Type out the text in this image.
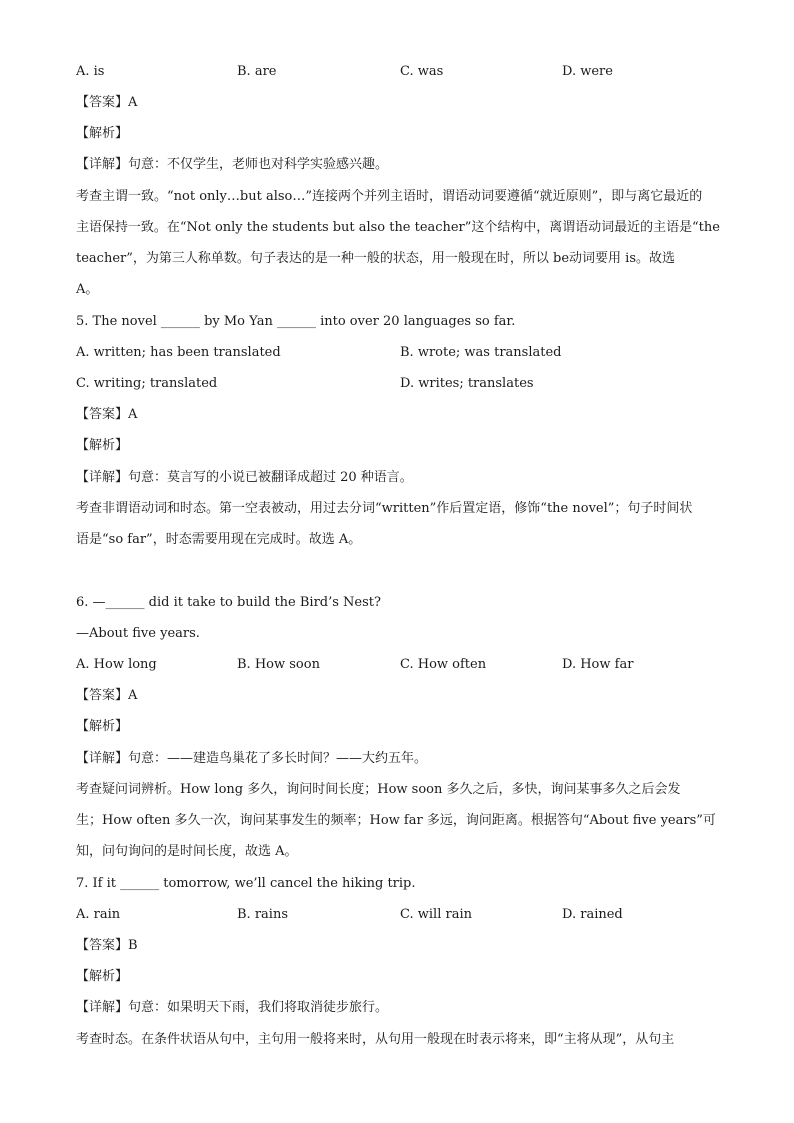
A. is	B. are	C. was	D. were
【答案】A
【解析】
【详解】句意：不仅学生，老师也对科学实验感兴趣。
考查主谓一致。“not only…but also…”连接两个并列主语时，谓语动词要遵循“就近原则”，即与离它最近的
主语保持一致。在“Not only the students but also the teacher”这个结构中，离谓语动词最近的主语是“the
teacher”，为第三人称单数。句子表达的是一种一般的状态，用一般现在时，所以 be动词要用 is。故选
A。
5. The novel ______ by Mo Yan ______ into over 20 languages so far.
A. written; has been translated	B. wrote; was translated
C. writing; translated	D. writes; translates
【答案】A
【解析】
【详解】句意：莫言写的小说已被翻译成超过 20 种语言。
考查非谓语动词和时态。第一空表被动，用过去分词“written”作后置定语，修饰“the novel”；句子时间状
语是“so far”，时态需要用现在完成时。故选 A。
6. —______ did it take to build the Bird’s Nest?
—About five years.
A. How long	B. How soon	C. How often	D. How far
【答案】A
【解析】
【详解】句意：——建造鸟巢花了多长时间？——大约五年。
考查疑问词辨析。How long 多久，询问时间长度；How soon 多久之后，多快，询问某事多久之后会发
生；How often 多久一次，询问某事发生的频率；How far 多远，询问距离。根据答句“About five years”可
知，问句询问的是时间长度，故选 A。
7. If it ______ tomorrow, we’ll cancel the hiking trip.
A. rain	B. rains	C. will rain	D. rained
【答案】B
【解析】
【详解】句意：如果明天下雨，我们将取消徒步旅行。
考查时态。在条件状语从句中，主句用一般将来时，从句用一般现在时表示将来，即“主将从现”，从句主
